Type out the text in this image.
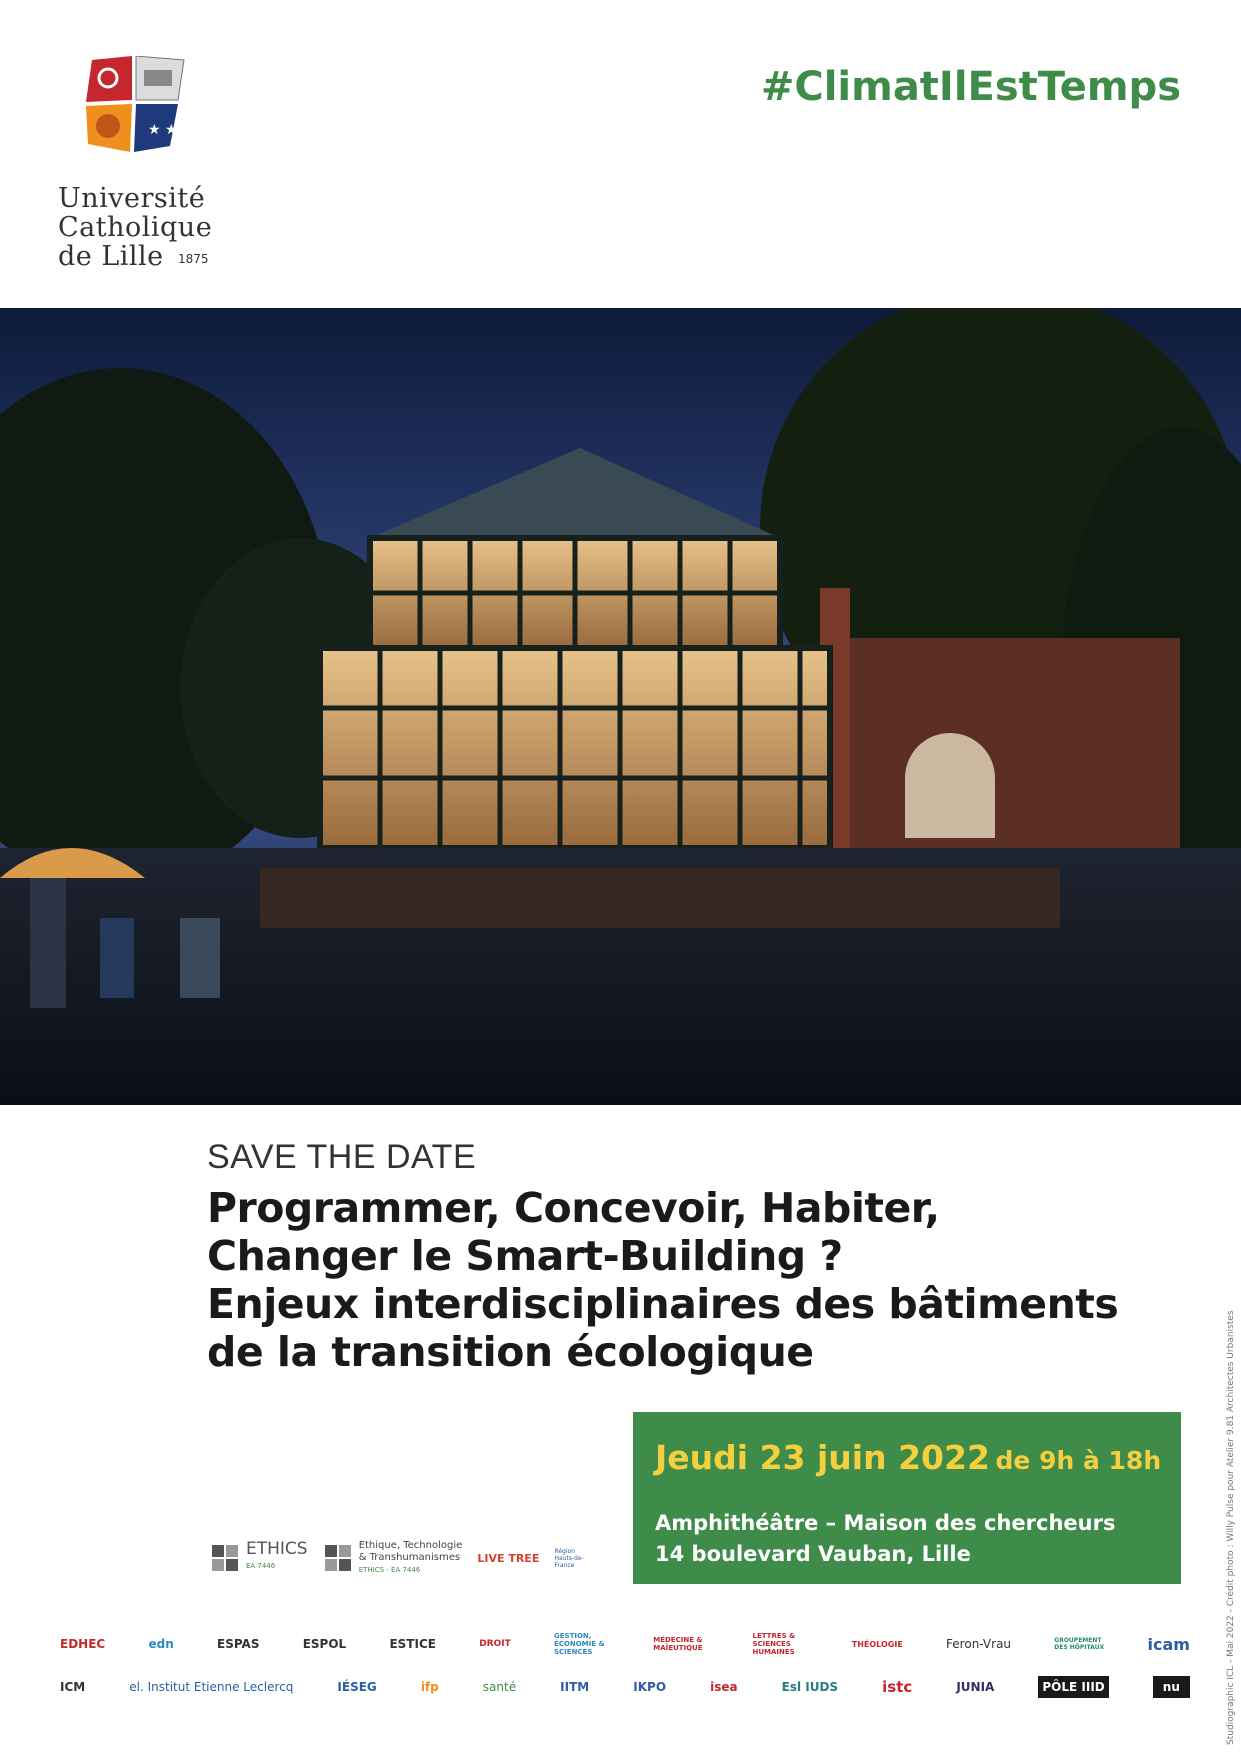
★ ★
Université
Catholique
de Lille	1875
#ClimatIlEstTemps
SAVE THE DATE
Programmer, Concevoir, Habiter,
Changer le Smart-Building ?
Enjeux interdisciplinaires des bâtiments
de la transition écologique
Jeudi 23 juin 2022 de 9h à 18h
Amphithéâtre – Maison des chercheurs
14 boulevard Vauban, Lille
ETHICS
EA 7446

Ethique, Technologie
& Transhumanismes
ETHICS - EA 7446

LIVE TREE

Région Hauts-de-France
EDHEC	edn	ESPAS	ESPOL	ESTICE	DROIT
GESTION, ÉCONOMIE & SCIENCES
MÉDECINE & MAÏEUTIQUE
LETTRES & SCIENCES HUMAINES
THÉOLOGIE	Feron-Vrau	GROUPEMENT DES HÔPITAUX	icam
ICM	el. Institut Etienne Leclercq	IÉSEG	ifp	santé	IITM	IKPO	isea	Esl IUDS	istc	JUNIA	PÔLE IIID	nu	Studiographic ICL - Mai 2022 - Crédit photo : Willy Pulse pour Atelier 9.81 Architectes Urbanistes
